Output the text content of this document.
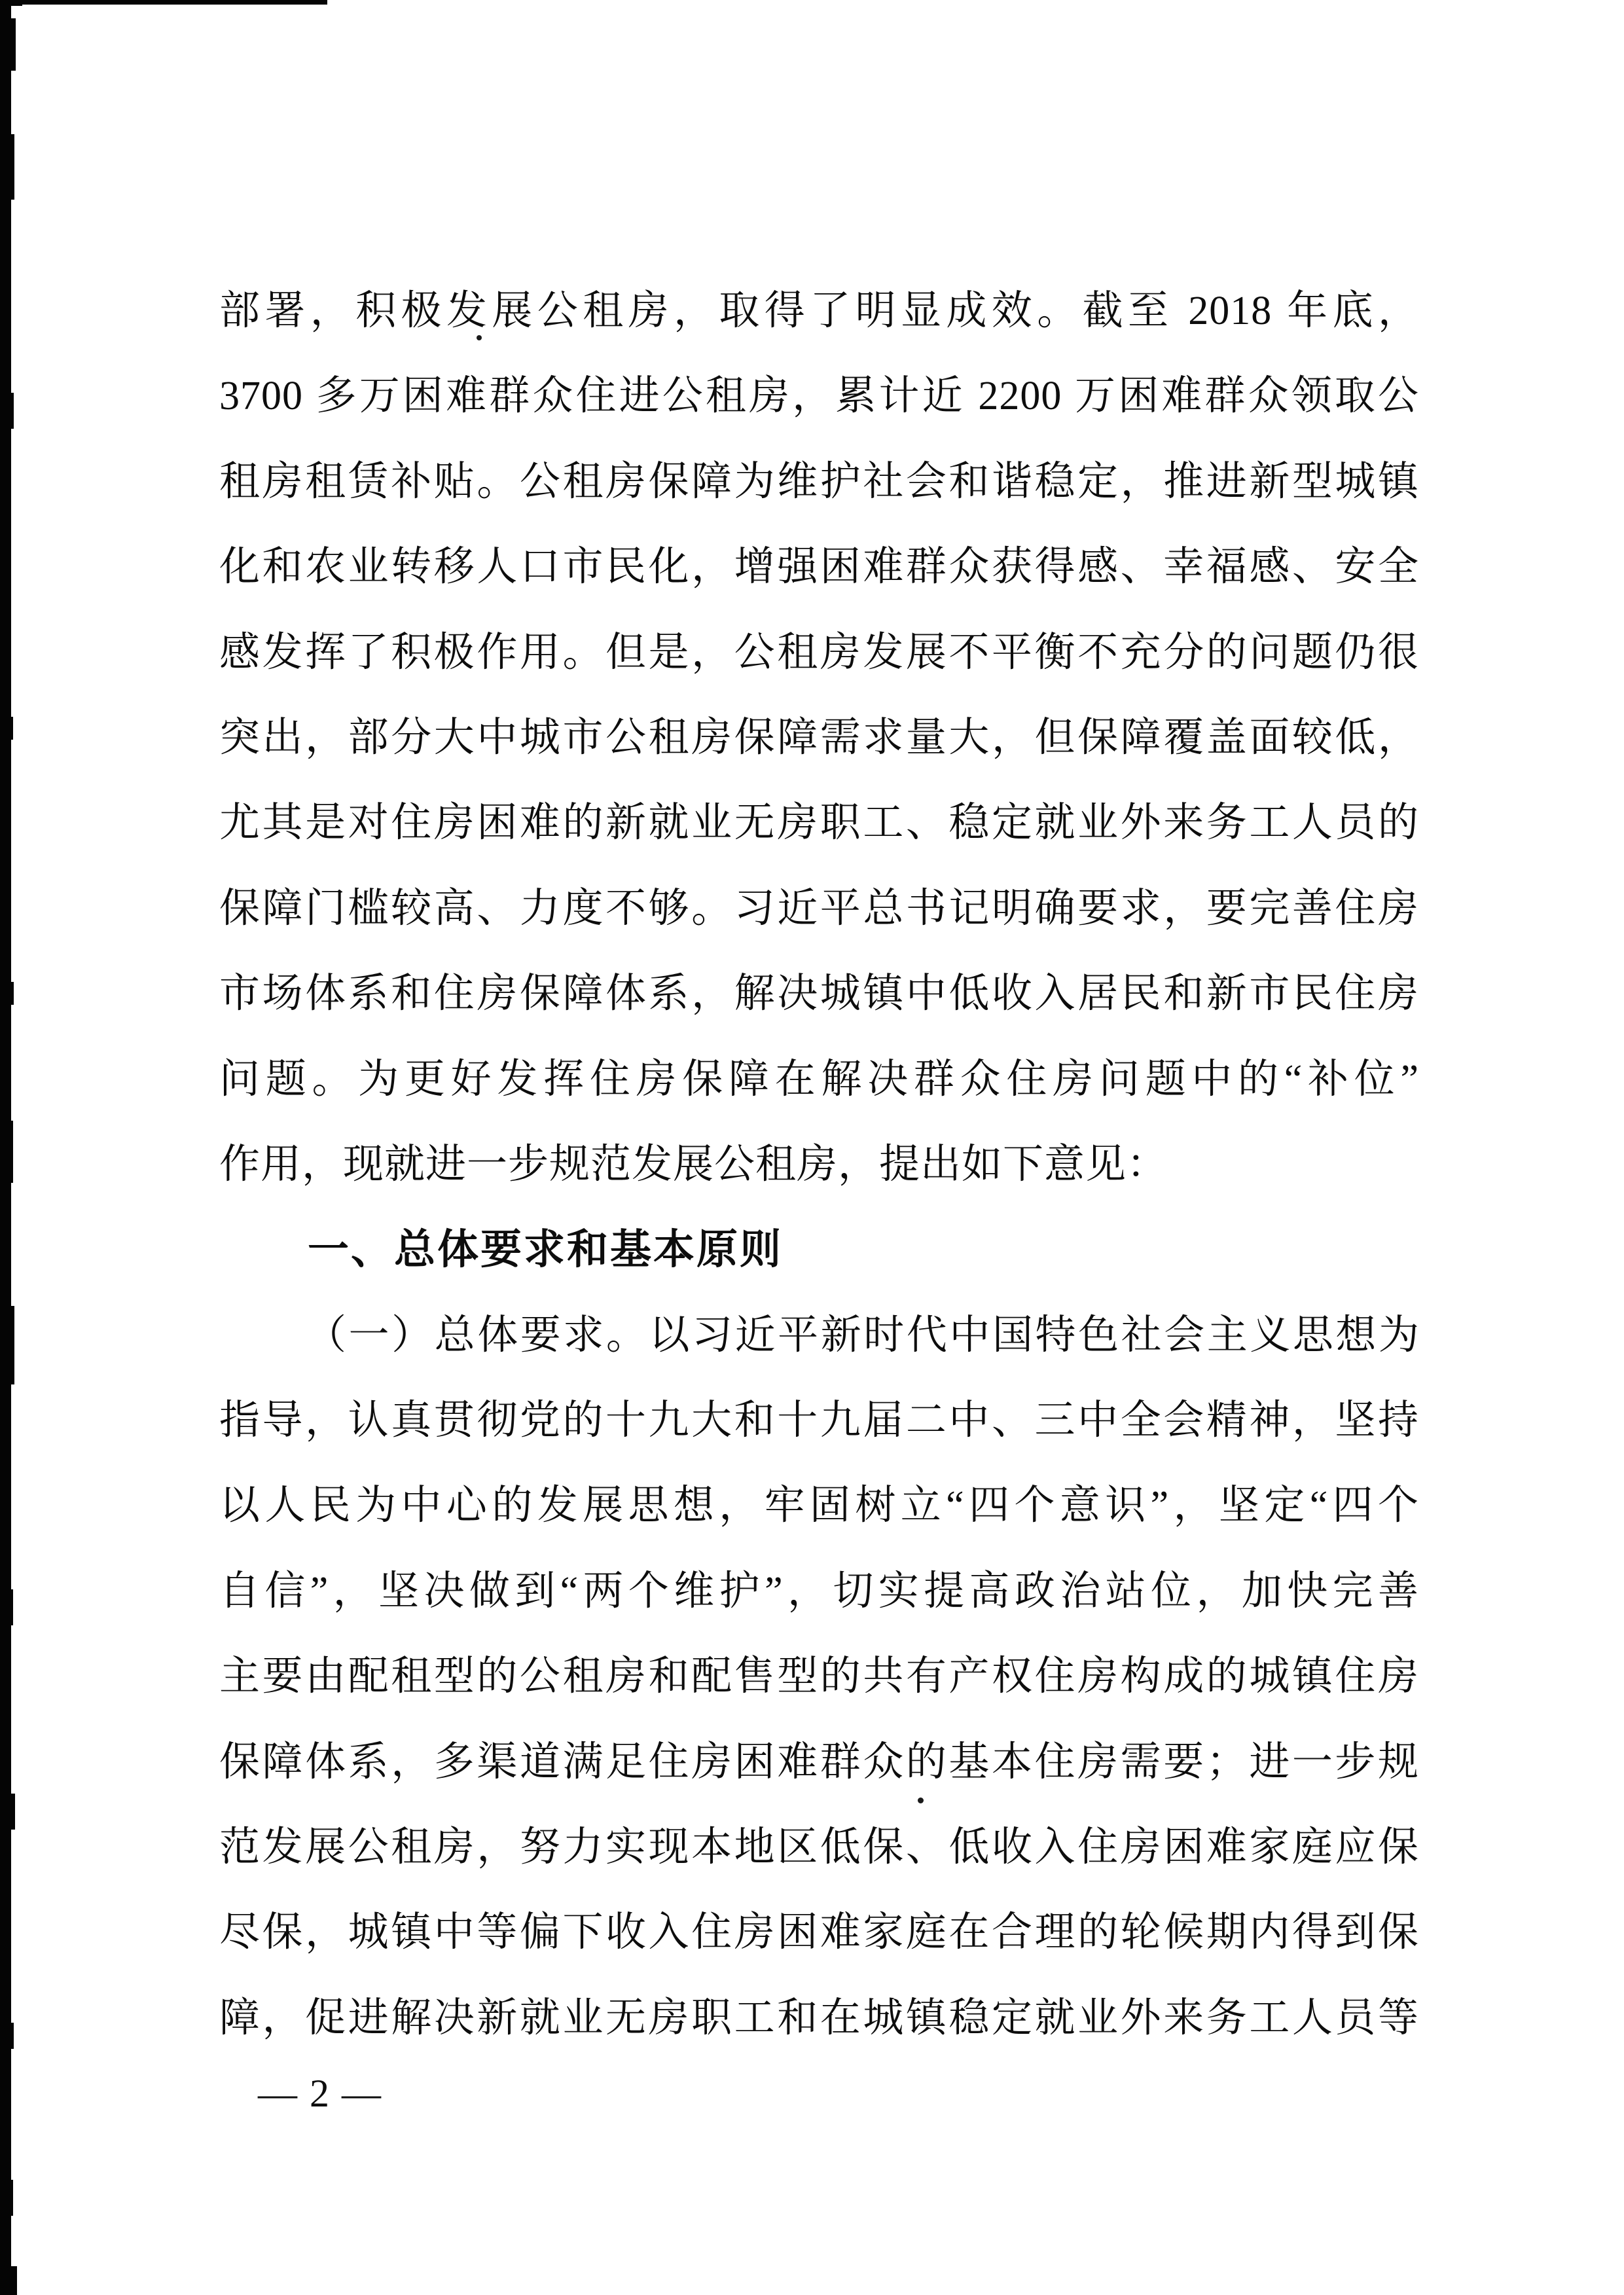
部署，积极发展公租房，取得了明显成效。截至 2018 年底，
3700 多万困难群众住进公租房，累计近 2200 万困难群众领取公
租房租赁补贴。公租房保障为维护社会和谐稳定，推进新型城镇
化和农业转移人口市民化，增强困难群众获得感、幸福感、安全
感发挥了积极作用。但是，公租房发展不平衡不充分的问题仍很
突出，部分大中城市公租房保障需求量大，但保障覆盖面较低，
尤其是对住房困难的新就业无房职工、稳定就业外来务工人员的
保障门槛较高、力度不够。习近平总书记明确要求，要完善住房
市场体系和住房保障体系，解决城镇中低收入居民和新市民住房
问题。为更好发挥住房保障在解决群众住房问题中的“补位”
作用，现就进一步规范发展公租房，提出如下意见：
一、总体要求和基本原则
（一）总体要求。以习近平新时代中国特色社会主义思想为
指导，认真贯彻党的十九大和十九届二中、三中全会精神，坚持
以人民为中心的发展思想，牢固树立“四个意识”，坚定“四个
自信”，坚决做到“两个维护”，切实提高政治站位，加快完善
主要由配租型的公租房和配售型的共有产权住房构成的城镇住房
保障体系，多渠道满足住房困难群众的基本住房需要；进一步规
范发展公租房，努力实现本地区低保、低收入住房困难家庭应保
尽保，城镇中等偏下收入住房困难家庭在合理的轮候期内得到保
障，促进解决新就业无房职工和在城镇稳定就业外来务工人员等
— 2 —
